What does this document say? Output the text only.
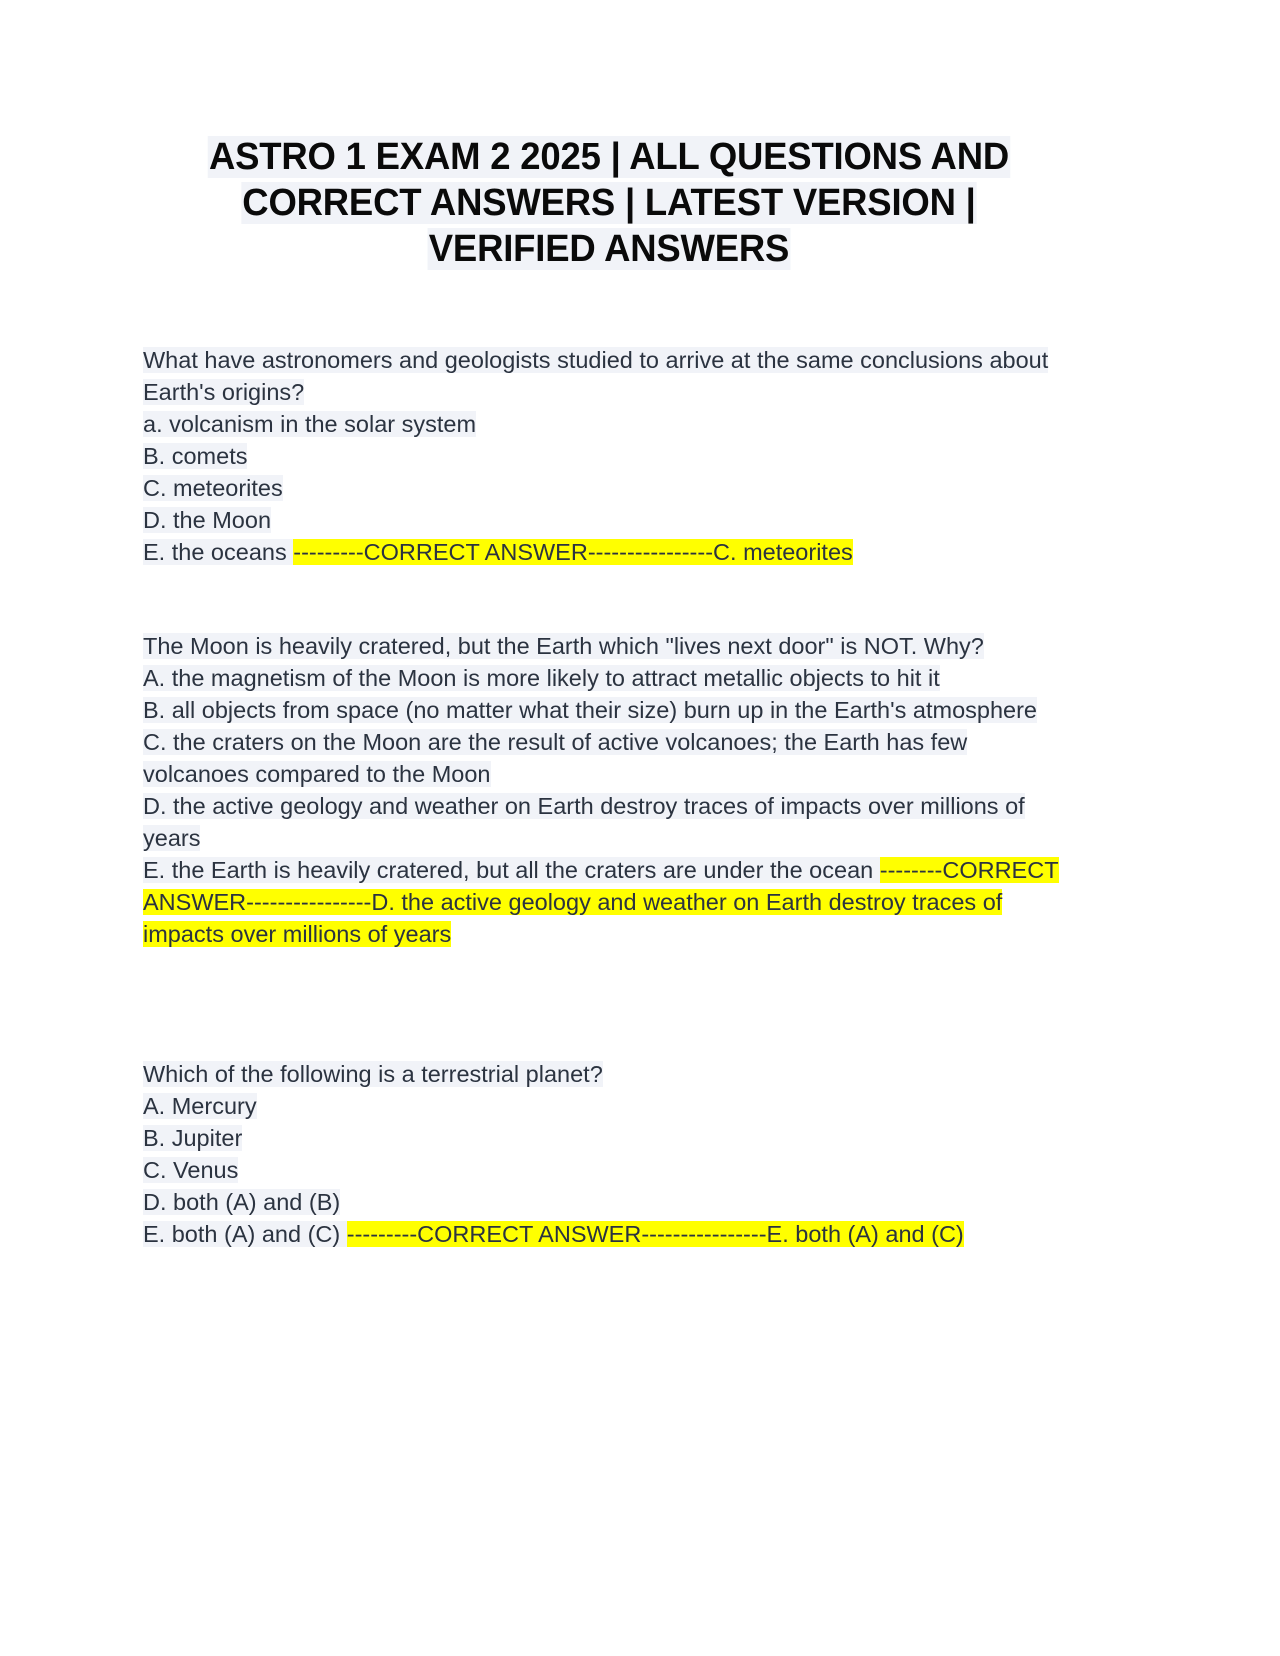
ASTRO 1 EXAM 2 2025 | ALL QUESTIONS AND
CORRECT ANSWERS | LATEST VERSION |
VERIFIED ANSWERS

What have astronomers and geologists studied to arrive at the same conclusions about Earth's origins?

a. volcanism in the solar system

B. comets

C. meteorites

D. the Moon

E. the oceans ---------CORRECT ANSWER----------------C. meteorites

The Moon is heavily cratered, but the Earth which "lives next door" is NOT. Why?

A. the magnetism of the Moon is more likely to attract metallic objects to hit it

B. all objects from space (no matter what their size) burn up in the Earth's atmosphere

C. the craters on the Moon are the result of active volcanoes; the Earth has few volcanoes compared to the Moon

D. the active geology and weather on Earth destroy traces of impacts over millions of years

E. the Earth is heavily cratered, but all the craters are under the ocean --------CORRECT ANSWER----------------D. the active geology and weather on Earth destroy traces of impacts over millions of years

Which of the following is a terrestrial planet?

A. Mercury

B. Jupiter

C. Venus

D. both (A) and (B)

E. both (A) and (C) ---------CORRECT ANSWER----------------E. both (A) and (C)
